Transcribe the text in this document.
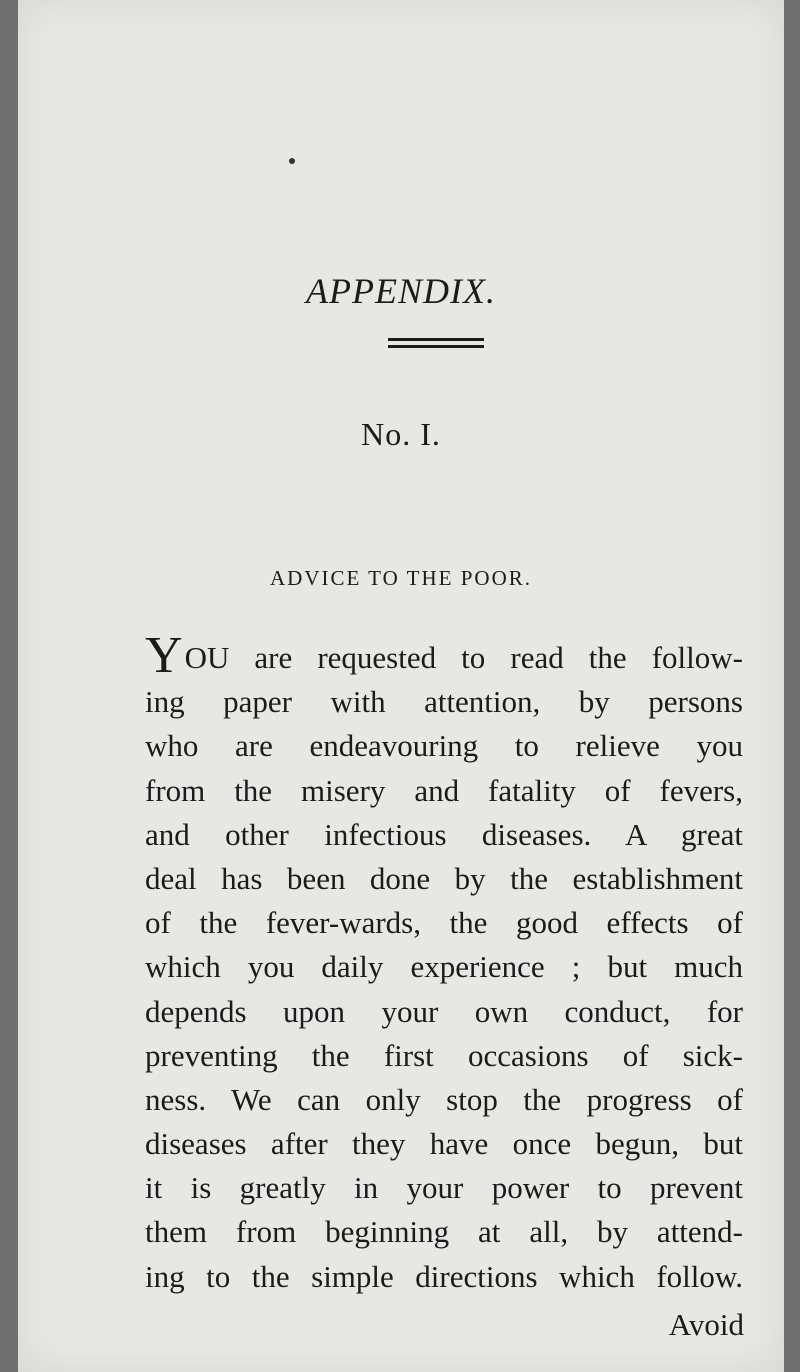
APPENDIX.
No. I.
ADVICE TO THE POOR.
YOU are requested to read the follow-
ing paper with attention, by persons
who are endeavouring to relieve you
from the misery and fatality of fevers,
and other infectious diseases. A great
deal has been done by the establishment
of the fever-wards, the good effects of
which you daily experience ; but much
depends upon your own conduct, for
preventing the first occasions of sick-
ness. We can only stop the progress of
diseases after they have once begun, but
it is greatly in your power to prevent
them from beginning at all, by attend-
ing to the simple directions which follow.
Avoid
